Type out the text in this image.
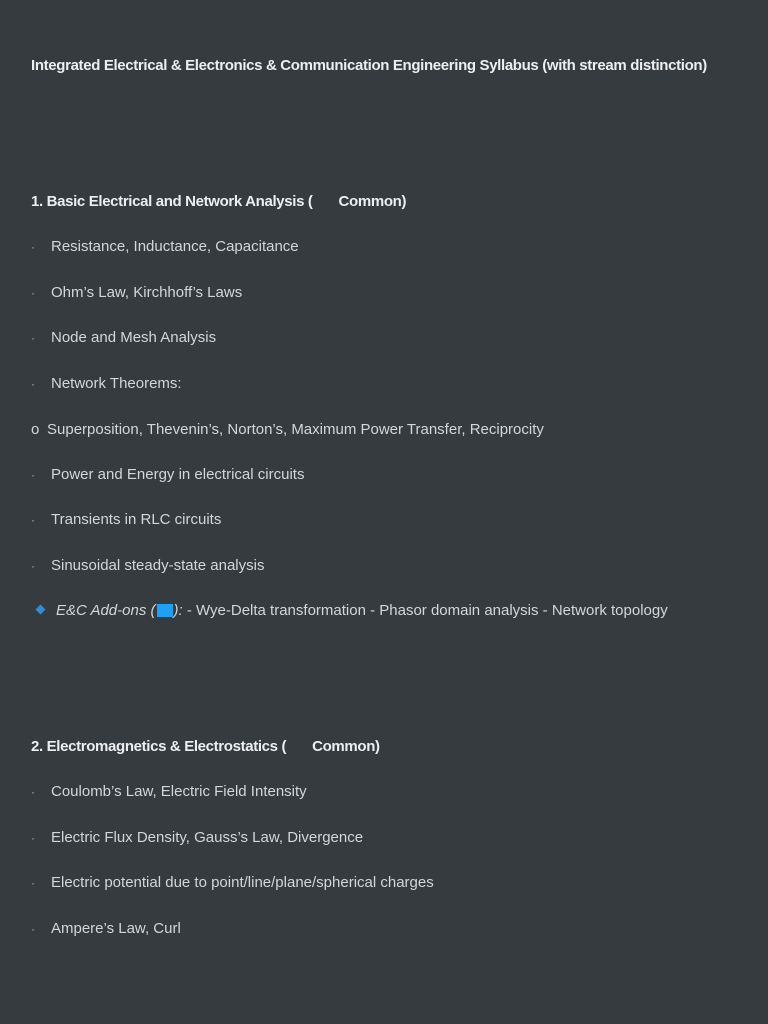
Integrated Electrical & Electronics & Communication Engineering Syllabus (with stream distinction)
1. Basic Electrical and Network Analysis ( Common)
· Resistance, Inductance, Capacitance
· Ohm’s Law, Kirchhoff’s Laws
· Node and Mesh Analysis
· Network Theorems:
o Superposition, Thevenin’s, Norton’s, Maximum Power Transfer, Reciprocity
· Power and Energy in electrical circuits
· Transients in RLC circuits
· Sinusoidal steady-state analysis
E&C Add-ons ( ): - Wye-Delta transformation - Phasor domain analysis - Network topology
2. Electromagnetics & Electrostatics ( Common)
· Coulomb’s Law, Electric Field Intensity
· Electric Flux Density, Gauss’s Law, Divergence
· Electric potential due to point/line/plane/spherical charges
· Ampere’s Law, Curl
